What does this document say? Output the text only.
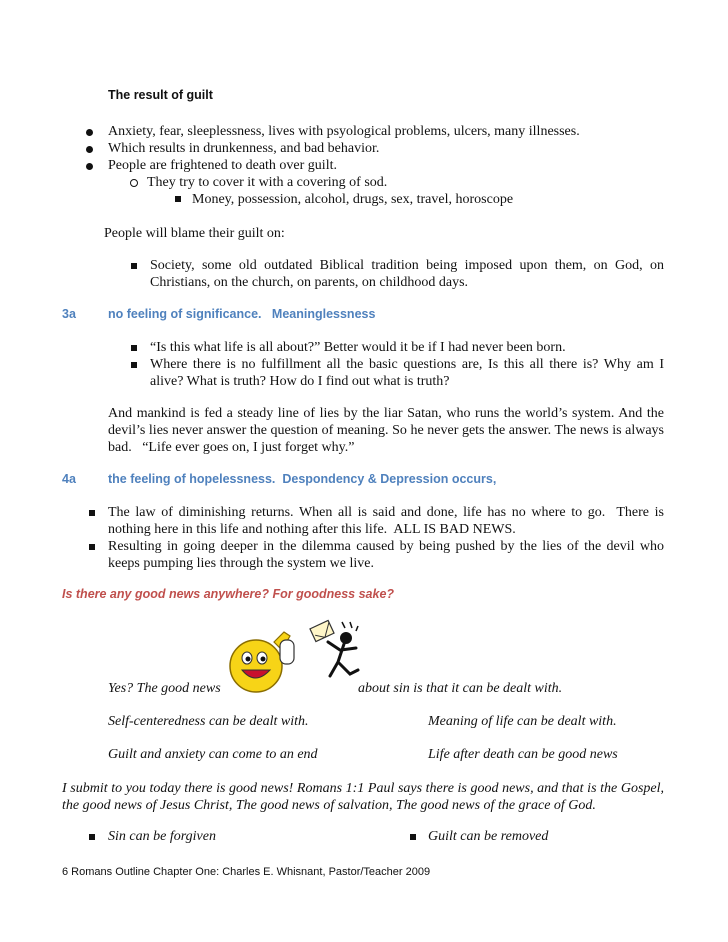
The result of guilt
Anxiety, fear, sleeplessness, lives with psyological problems, ulcers, many illnesses.
Which results in drunkenness, and bad behavior.
People are frightened to death over guilt.
They try to cover it with a covering of sod.
Money, possession, alcohol, drugs, sex, travel, horoscope
People will blame their guilt on:
Society, some old outdated Biblical tradition being imposed upon them, on God, on Christians, on the church, on parents, on childhood days.
3a	no feeling of significance.   Meaninglessness
“Is this what life is all about?” Better would it be if I had never been born.
Where there is no fulfillment all the basic questions are, Is this all there is? Why am I alive? What is truth? How do I find out what is truth?
And mankind is fed a steady line of lies by the liar Satan, who runs the world’s system. And the devil’s lies never answer the question of meaning. So he never gets the answer. The news is always bad.   “Life ever goes on, I just forget why.”
4a	the feeling of hopelessness.  Despondency & Depression occurs,
The law of diminishing returns. When all is said and done, life has no where to go.  There is nothing here in this life and nothing after this life.  ALL IS BAD NEWS.
Resulting in going deeper in the dilemma caused by being pushed by the lies of the devil who keeps pumping lies through the system we live.
Is there any good news anywhere? For goodness sake?
Yes? The good news	about sin is that it can be dealt with.
Self-centeredness can be dealt with.	Meaning of life can be dealt with.
Guilt and anxiety can come to an end	Life after death can be good news
I submit to you today there is good news! Romans 1:1 Paul says there is good news, and that is the Gospel, the good news of Jesus Christ, The good news of salvation, The good news of the grace of God.
Sin can be forgiven	Guilt can be removed
6 Romans Outline Chapter One: Charles E. Whisnant, Pastor/Teacher 2009
